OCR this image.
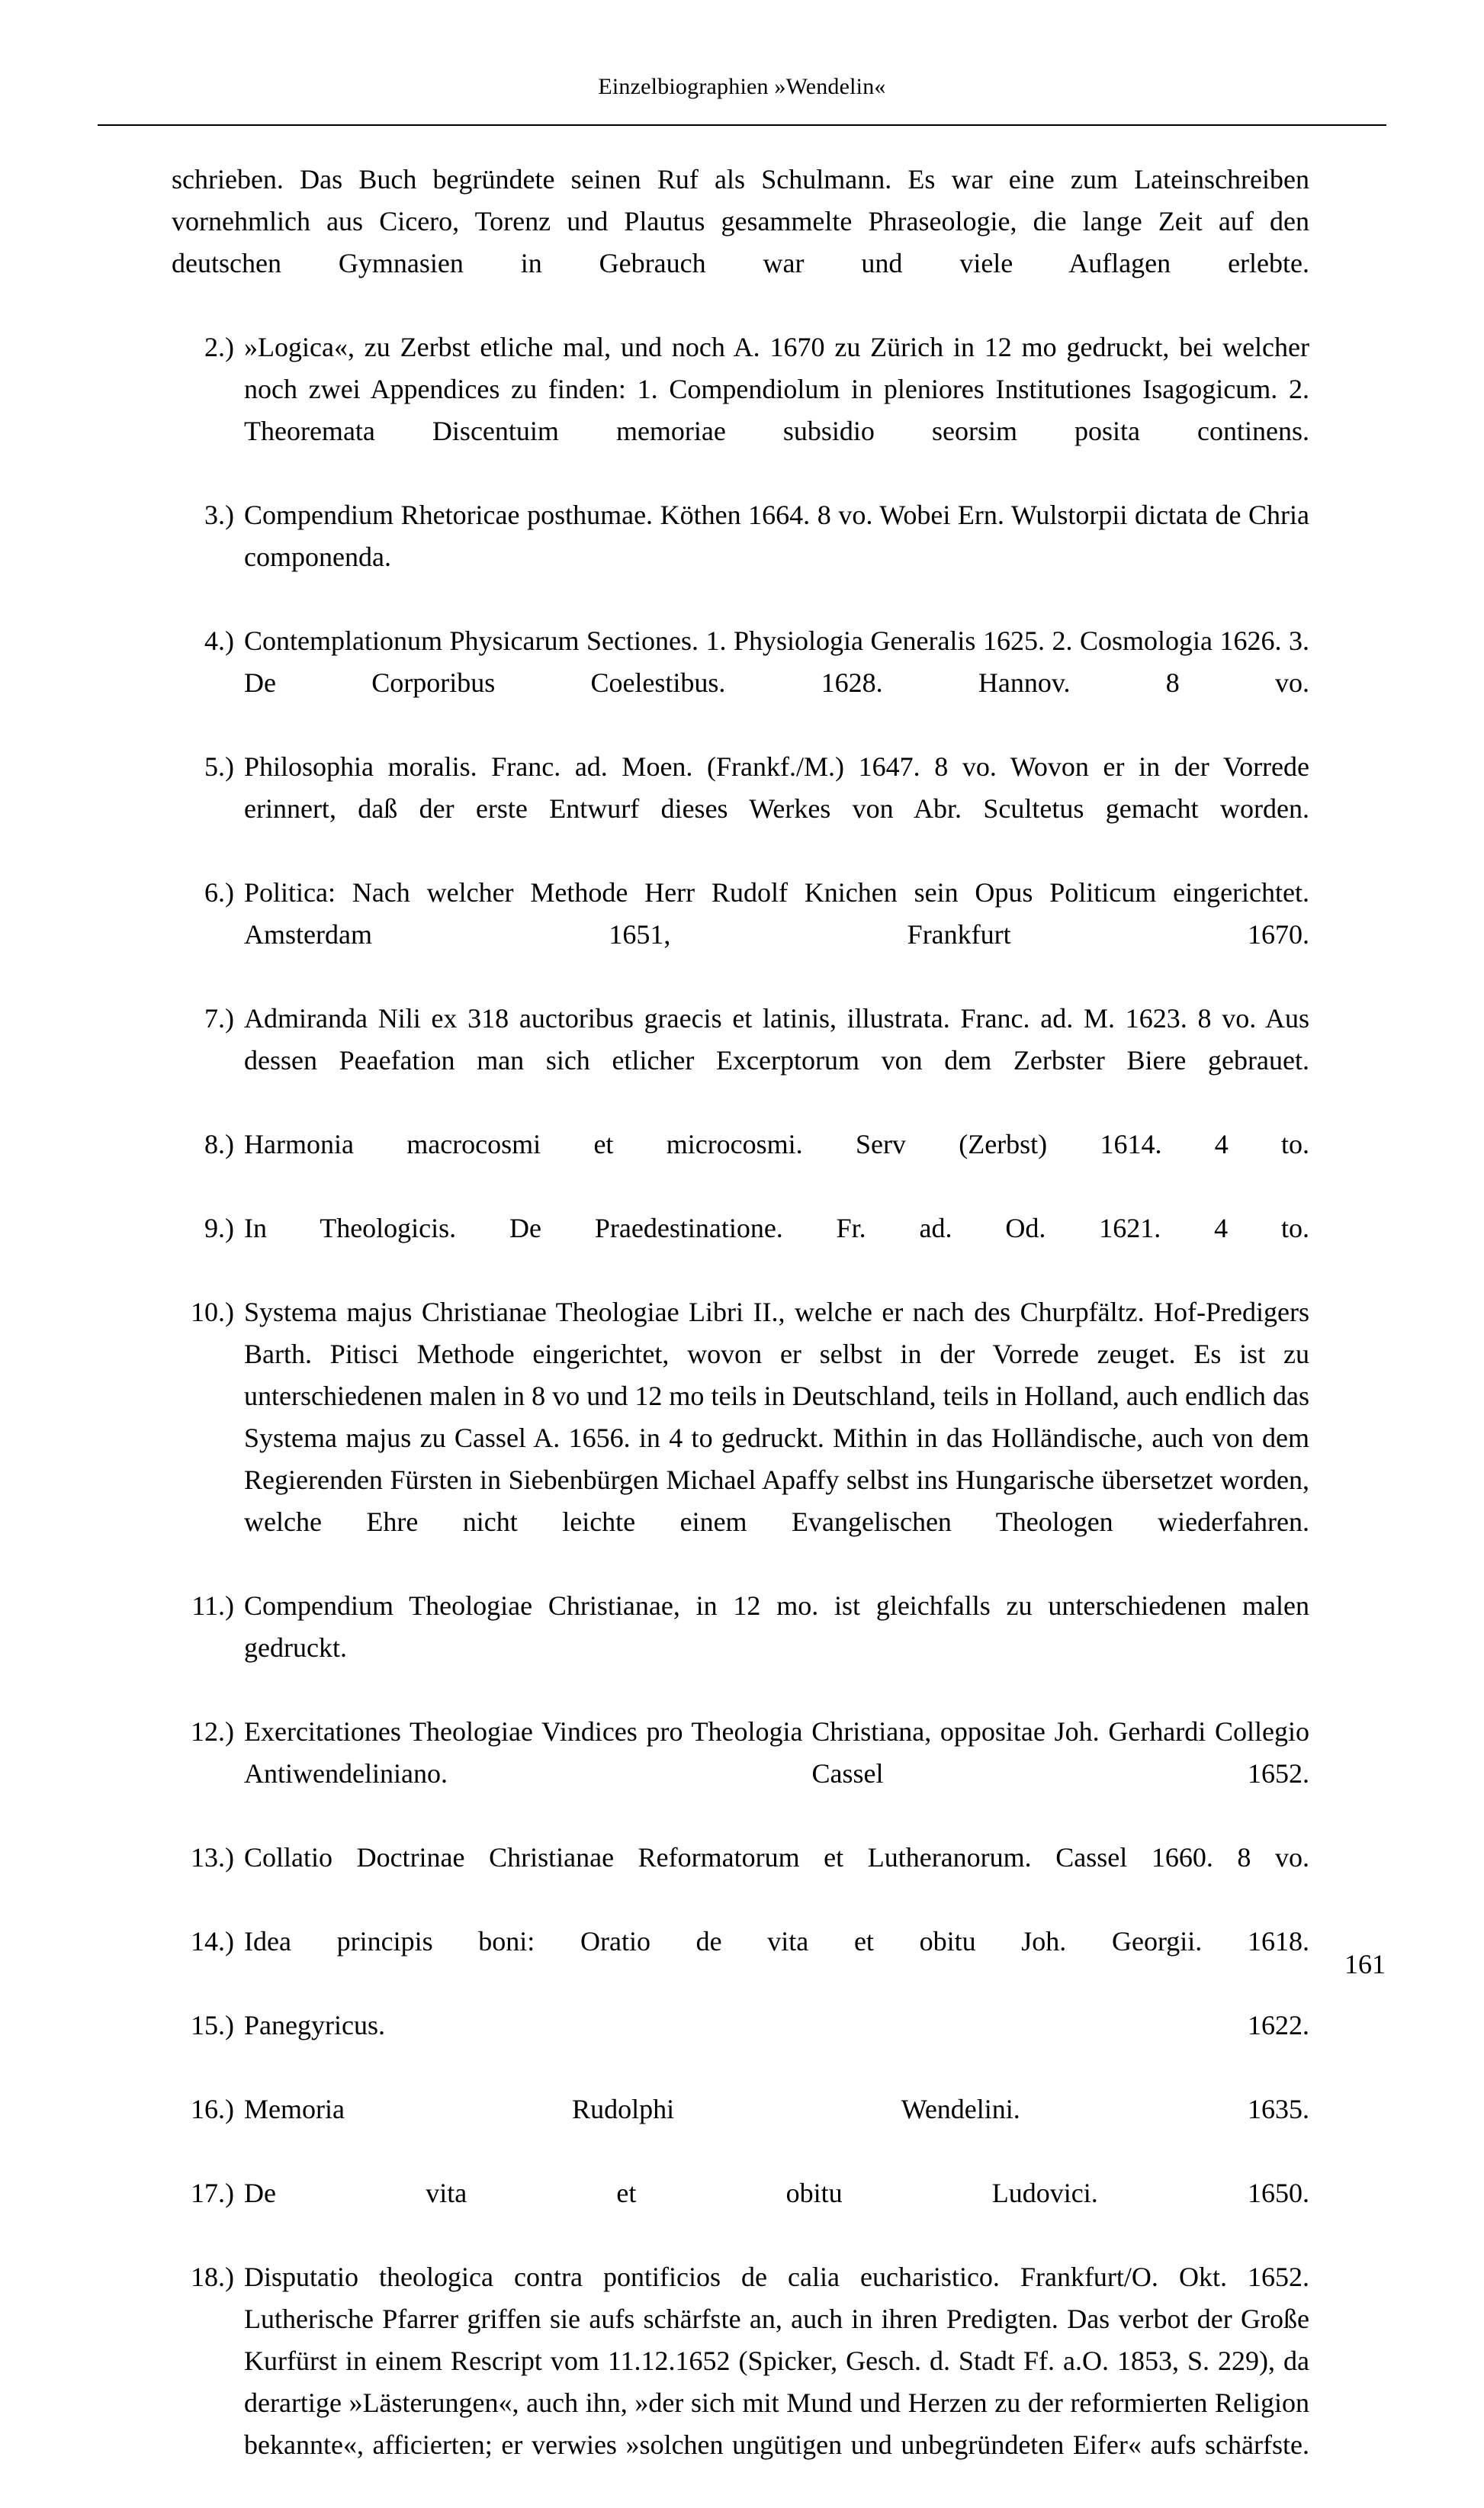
Einzelbiographien »Wendelin«

schrieben. Das Buch begründete seinen Ruf als Schulmann. Es war eine zum Lateinschreiben vornehmlich aus Cicero, Torenz und Plautus gesammelte Phraseologie, die lange Zeit auf den deutschen Gymnasien in Gebrauch war und viele Auflagen erlebte.

2.) »Logica«, zu Zerbst etliche mal, und noch A. 1670 zu Zürich in 12 mo gedruckt, bei welcher noch zwei Appendices zu finden: 1. Compendiolum in pleniores Institutiones Isagogicum. 2. Theoremata Discentuim memoriae subsidio seorsim posita continens.
3.) Compendium Rhetoricae posthumae. Köthen 1664. 8 vo. Wobei Ern. Wulstorpii dictata de Chria componenda.
4.) Contemplationum Physicarum Sectiones. 1. Physiologia Generalis 1625. 2. Cosmologia 1626. 3. De Corporibus Coelestibus. 1628. Hannov. 8 vo.
5.) Philosophia moralis. Franc. ad. Moen. (Frankf./M.) 1647. 8 vo. Wovon er in der Vorrede erinnert, daß der erste Entwurf dieses Werkes von Abr. Scultetus gemacht worden.
6.) Politica: Nach welcher Methode Herr Rudolf Knichen sein Opus Politicum eingerichtet. Amsterdam 1651, Frankfurt 1670.
7.) Admiranda Nili ex 318 auctoribus graecis et latinis, illustrata. Franc. ad. M. 1623. 8 vo. Aus dessen Peaefation man sich etlicher Excerptorum von dem Zerbster Biere gebrauet.
8.) Harmonia macrocosmi et microcosmi. Serv (Zerbst) 1614. 4 to.
9.) In Theologicis. De Praedestinatione. Fr. ad. Od. 1621. 4 to.
10.) Systema majus Christianae Theologiae Libri II., welche er nach des Churpfältz. Hof-Predigers Barth. Pitisci Methode eingerichtet, wovon er selbst in der Vorrede zeuget. Es ist zu unterschiedenen malen in 8 vo und 12 mo teils in Deutschland, teils in Holland, auch endlich das Systema majus zu Cassel A. 1656. in 4 to gedruckt. Mithin in das Holländische, auch von dem Regierenden Fürsten in Siebenbürgen Michael Apaffy selbst ins Hungarische übersetzet worden, welche Ehre nicht leichte einem Evangelischen Theologen wiederfahren.
11.) Compendium Theologiae Christianae, in 12 mo. ist gleichfalls zu unterschiedenen malen gedruckt.
12.) Exercitationes Theologiae Vindices pro Theologia Christiana, oppositae Joh. Gerhardi Collegio Antiwendeliniano. Cassel 1652.
13.) Collatio Doctrinae Christianae Reformatorum et Lutheranorum. Cassel 1660. 8 vo.
14.) Idea principis boni: Oratio de vita et obitu Joh. Georgii. 1618.
15.) Panegyricus. 1622.
16.) Memoria Rudolphi Wendelini. 1635.
17.) De vita et obitu Ludovici. 1650.
18.) Disputatio theologica contra pontificios de calia eucharistico. Frankfurt/O. Okt. 1652. Lutherische Pfarrer griffen sie aufs schärfste an, auch in ihren Predigten. Das verbot der Große Kurfürst in einem Rescript vom 11.12.1652 (Spicker, Gesch. d. Stadt Ff. a.O. 1853, S. 229), da derartige »Lästerungen«, auch ihn, »der sich mit Mund und Herzen zu der reformierten Religion bekannte«, afficierten; er verwies »solchen ungütigen und unbegründeten Eifer« aufs schärfste.
161
